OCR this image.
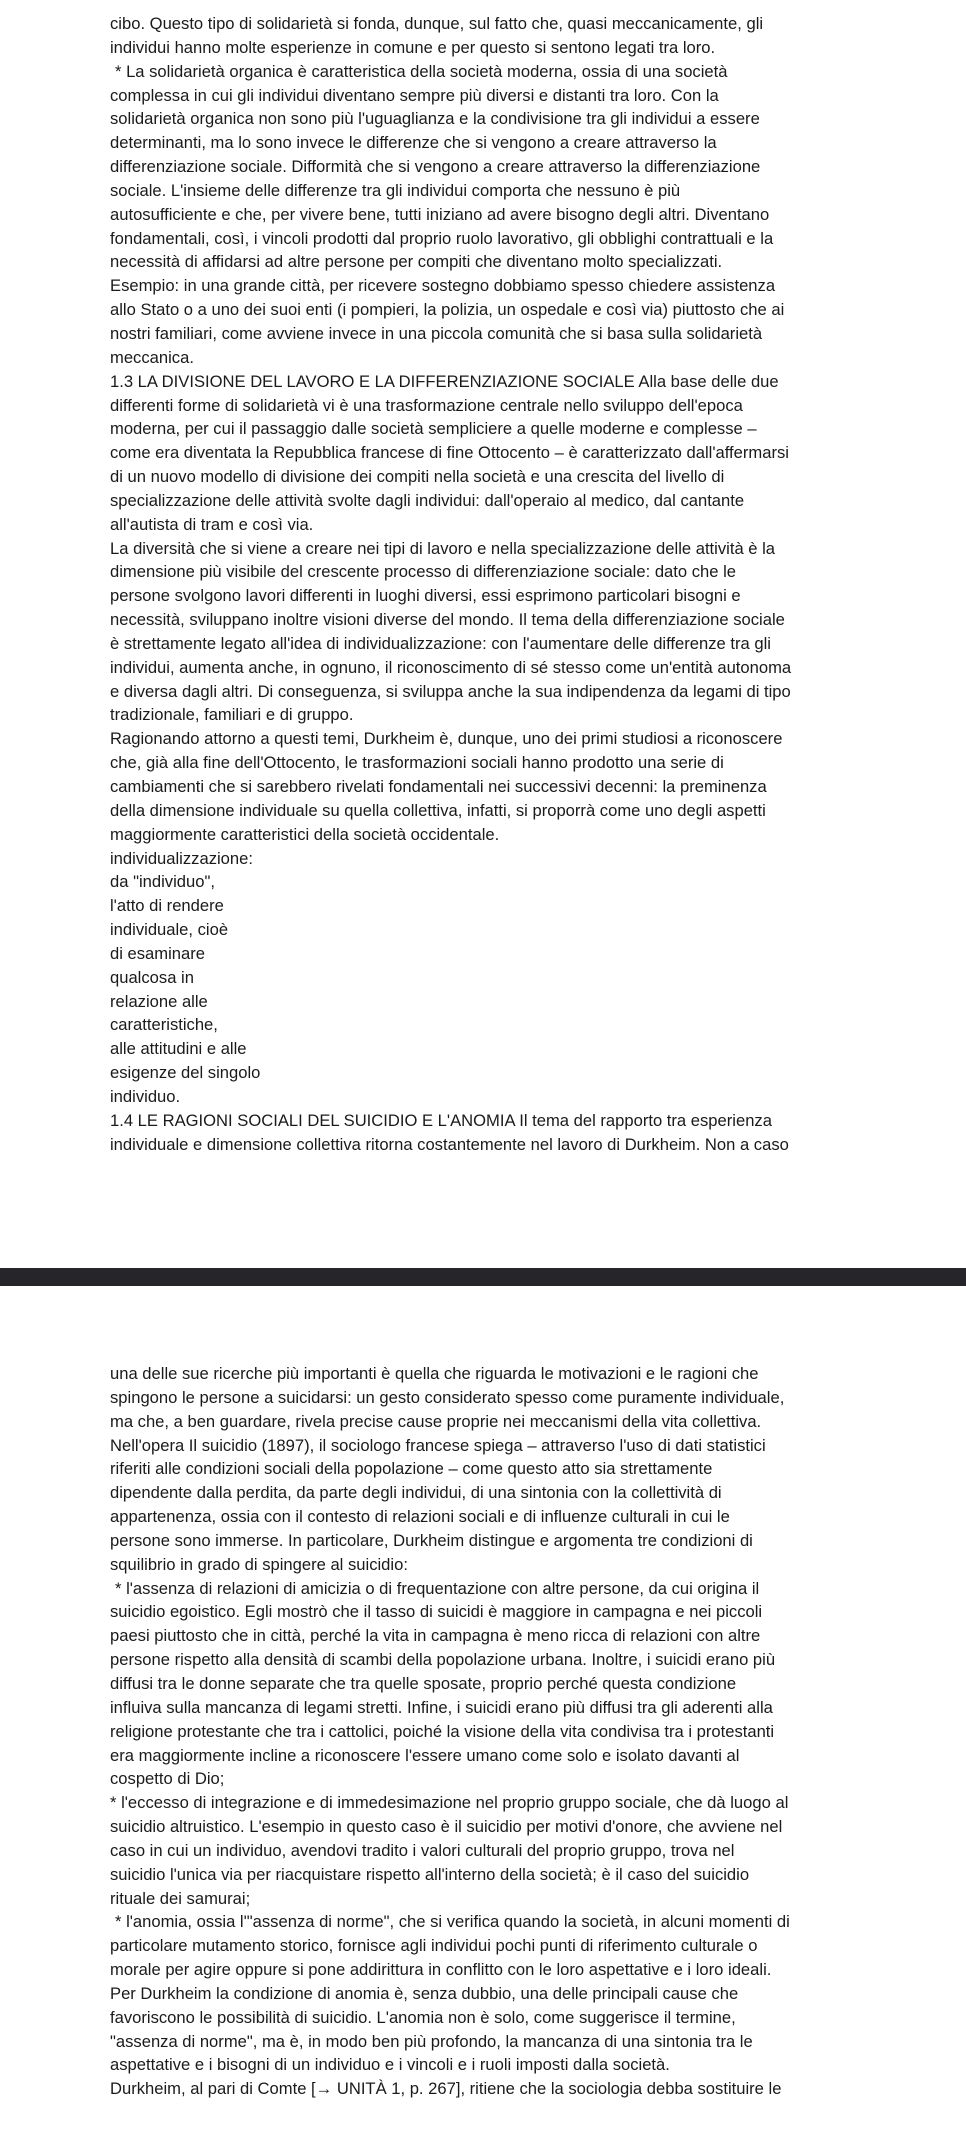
cibo. Questo tipo di solidarietà si fonda, dunque, sul fatto che, quasi meccanicamente, gli

individui hanno molte esperienze in comune e per questo si sentono legati tra loro.

* La solidarietà organica è caratteristica della società moderna, ossia di una società

complessa in cui gli individui diventano sempre più diversi e distanti tra loro. Con la

solidarietà organica non sono più l'uguaglianza e la condivisione tra gli individui a essere

determinanti, ma lo sono invece le differenze che si vengono a creare attraverso la

differenziazione sociale. Difformità che si vengono a creare attraverso la differenziazione

sociale. L'insieme delle differenze tra gli individui comporta che nessuno è più

autosufficiente e che, per vivere bene, tutti iniziano ad avere bisogno degli altri. Diventano

fondamentali, così, i vincoli prodotti dal proprio ruolo lavorativo, gli obblighi contrattuali e la

necessità di affidarsi ad altre persone per compiti che diventano molto specializzati.

Esempio: in una grande città, per ricevere sostegno dobbiamo spesso chiedere assistenza

allo Stato o a uno dei suoi enti (i pompieri, la polizia, un ospedale e così via) piuttosto che ai

nostri familiari, come avviene invece in una piccola comunità che si basa sulla solidarietà

meccanica.

1.3 LA DIVISIONE DEL LAVORO E LA DIFFERENZIAZIONE SOCIALE Alla base delle due

differenti forme di solidarietà vi è una trasformazione centrale nello sviluppo dell'epoca

moderna, per cui il passaggio dalle società sempliciere a quelle moderne e complesse –

come era diventata la Repubblica francese di fine Ottocento – è caratterizzato dall'affermarsi

di un nuovo modello di divisione dei compiti nella società e una crescita del livello di

specializzazione delle attività svolte dagli individui: dall'operaio al medico, dal cantante

all'autista di tram e così via.

La diversità che si viene a creare nei tipi di lavoro e nella specializzazione delle attività è la

dimensione più visibile del crescente processo di differenziazione sociale: dato che le

persone svolgono lavori differenti in luoghi diversi, essi esprimono particolari bisogni e

necessità, sviluppano inoltre visioni diverse del mondo. Il tema della differenziazione sociale

è strettamente legato all'idea di individualizzazione: con l'aumentare delle differenze tra gli

individui, aumenta anche, in ognuno, il riconoscimento di sé stesso come un'entità autonoma

e diversa dagli altri. Di conseguenza, si sviluppa anche la sua indipendenza da legami di tipo

tradizionale, familiari e di gruppo.

Ragionando attorno a questi temi, Durkheim è, dunque, uno dei primi studiosi a riconoscere

che, già alla fine dell'Ottocento, le trasformazioni sociali hanno prodotto una serie di

cambiamenti che si sarebbero rivelati fondamentali nei successivi decenni: la preminenza

della dimensione individuale su quella collettiva, infatti, si proporrà come uno degli aspetti

maggiormente caratteristici della società occidentale.

individualizzazione:

da "individuo",

l'atto di rendere

individuale, cioè

di esaminare

qualcosa in

relazione alle

caratteristiche,

alle attitudini e alle

esigenze del singolo

individuo.

1.4 LE RAGIONI SOCIALI DEL SUICIDIO E L'ANOMIA Il tema del rapporto tra esperienza

individuale e dimensione collettiva ritorna costantemente nel lavoro di Durkheim. Non a caso

una delle sue ricerche più importanti è quella che riguarda le motivazioni e le ragioni che

spingono le persone a suicidarsi: un gesto considerato spesso come puramente individuale,

ma che, a ben guardare, rivela precise cause proprie nei meccanismi della vita collettiva.

Nell'opera Il suicidio (1897), il sociologo francese spiega – attraverso l'uso di dati statistici

riferiti alle condizioni sociali della popolazione – come questo atto sia strettamente

dipendente dalla perdita, da parte degli individui, di una sintonia con la collettività di

appartenenza, ossia con il contesto di relazioni sociali e di influenze culturali in cui le

persone sono immerse. In particolare, Durkheim distingue e argomenta tre condizioni di

squilibrio in grado di spingere al suicidio:

* l'assenza di relazioni di amicizia o di frequentazione con altre persone, da cui origina il

suicidio egoistico. Egli mostrò che il tasso di suicidi è maggiore in campagna e nei piccoli

paesi piuttosto che in città, perché la vita in campagna è meno ricca di relazioni con altre

persone rispetto alla densità di scambi della popolazione urbana. Inoltre, i suicidi erano più

diffusi tra le donne separate che tra quelle sposate, proprio perché questa condizione

influiva sulla mancanza di legami stretti. Infine, i suicidi erano più diffusi tra gli aderenti alla

religione protestante che tra i cattolici, poiché la visione della vita condivisa tra i protestanti

era maggiormente incline a riconoscere l'essere umano come solo e isolato davanti al

cospetto di Dio;

* l'eccesso di integrazione e di immedesimazione nel proprio gruppo sociale, che dà luogo al

suicidio altruistico. L'esempio in questo caso è il suicidio per motivi d'onore, che avviene nel

caso in cui un individuo, avendovi tradito i valori culturali del proprio gruppo, trova nel

suicidio l'unica via per riacquistare rispetto all'interno della società; è il caso del suicidio

rituale dei samurai;

* l'anomia, ossia l'"assenza di norme", che si verifica quando la società, in alcuni momenti di

particolare mutamento storico, fornisce agli individui pochi punti di riferimento culturale o

morale per agire oppure si pone addirittura in conflitto con le loro aspettative e i loro ideali.

Per Durkheim la condizione di anomia è, senza dubbio, una delle principali cause che

favoriscono le possibilità di suicidio. L'anomia non è solo, come suggerisce il termine,

"assenza di norme", ma è, in modo ben più profondo, la mancanza di una sintonia tra le

aspettative e i bisogni di un individuo e i vincoli e i ruoli imposti dalla società.

Durkheim, al pari di Comte [→ UNITÀ 1, p. 267], ritiene che la sociologia debba sostituire le
